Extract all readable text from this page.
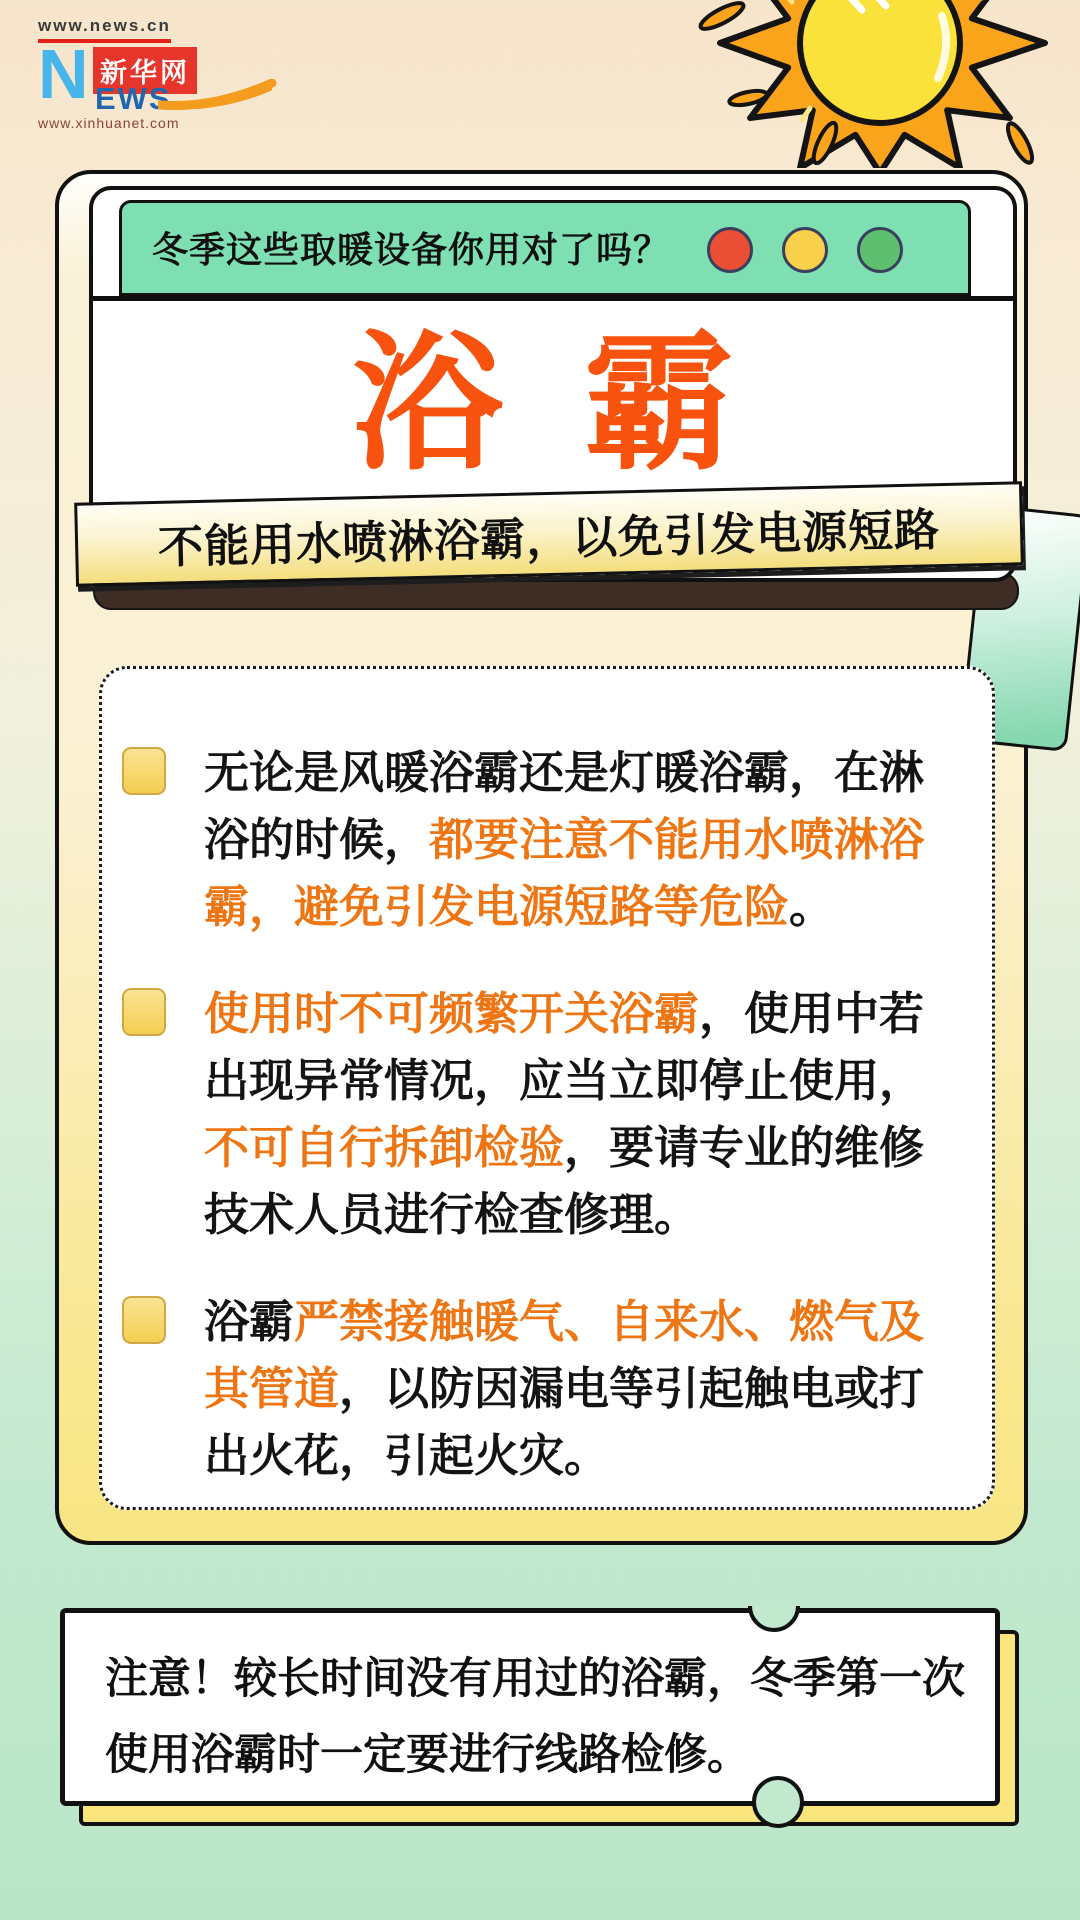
www.news.cn
N 新华网
EWS
www.xinhuanet.com
冬季这些取暖设备你用对了吗？
浴 霸
不能用水喷淋浴霸，以免引发电源短路

无论是风暖浴霸还是灯暖浴霸，在淋浴的时候，都要注意不能用水喷淋浴霸，避免引发电源短路等危险。

使用时不可频繁开关浴霸，使用中若出现异常情况，应当立即停止使用，不可自行拆卸检验，要请专业的维修技术人员进行检查修理。

浴霸严禁接触暖气、自来水、燃气及其管道，以防因漏电等引起触电或打出火花，引起火灾。

注意！较长时间没有用过的浴霸，冬季第一次使用浴霸时一定要进行线路检修。
